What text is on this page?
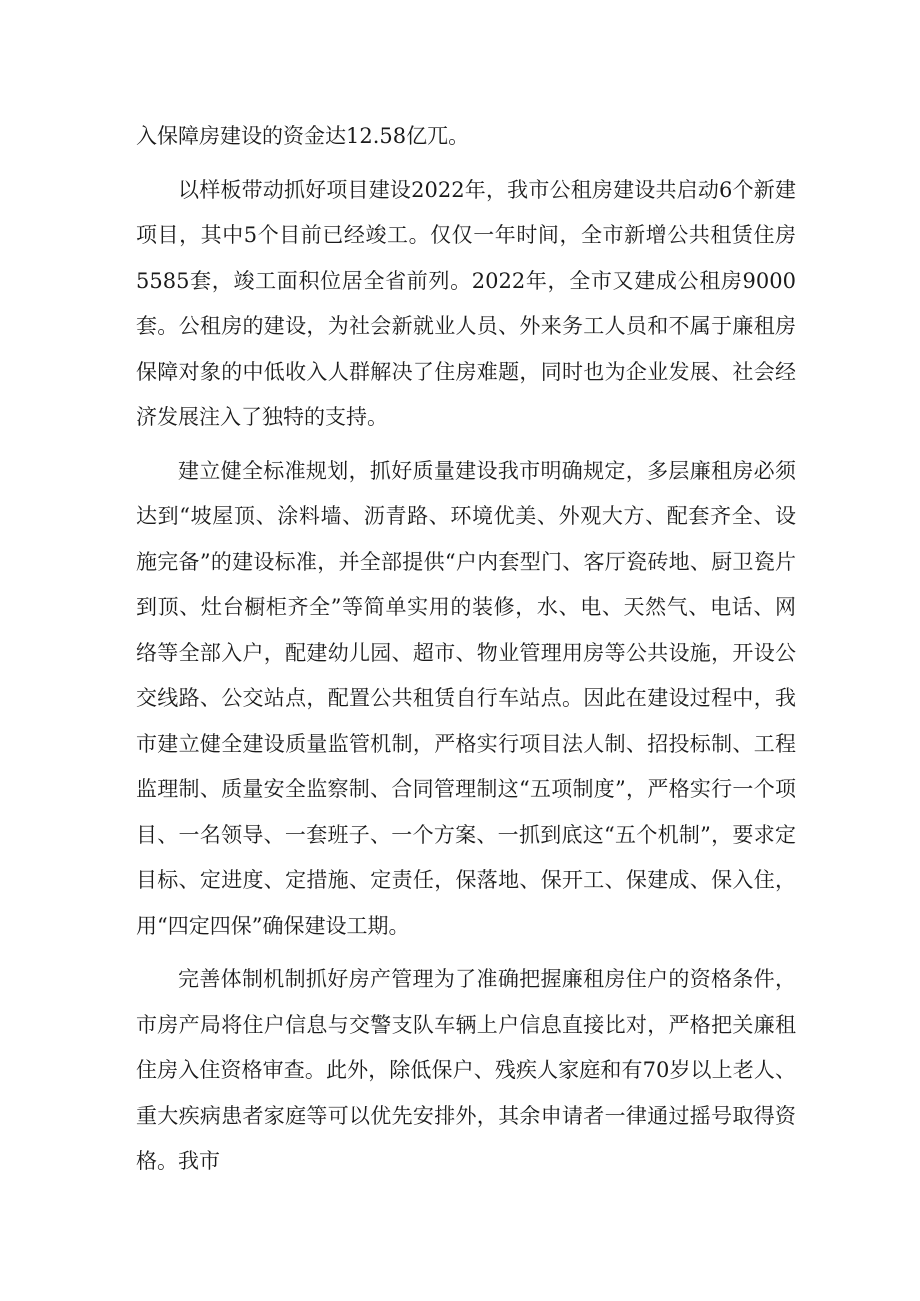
入保障房建设的资金达12.58亿兀。

以样板带动抓好项目建设2022年，我市公租房建设共启动6个新建项目，其中5个目前已经竣工。仅仅一年时间，全市新增公共租赁住房5585套，竣工面积位居全省前列。2022年，全市又建成公租房9000套。公租房的建设，为社会新就业人员、外来务工人员和不属于廉租房保障对象的中低收入人群解决了住房难题，同时也为企业发展、社会经济发展注入了独特的支持。

建立健全标准规划，抓好质量建设我市明确规定，多层廉租房必须达到“坡屋顶、涂料墙、沥青路、环境优美、外观大方、配套齐全、设施完备”的建设标准，并全部提供“户内套型门、客厅瓷砖地、厨卫瓷片到顶、灶台橱柜齐全”等简单实用的装修，水、电、天然气、电话、网络等全部入户，配建幼儿园、超市、物业管理用房等公共设施，开设公交线路、公交站点，配置公共租赁自行车站点。因此在建设过程中，我市建立健全建设质量监管机制，严格实行项目法人制、招投标制、工程监理制、质量安全监察制、合同管理制这“五项制度”，严格实行一个项目、一名领导、一套班子、一个方案、一抓到底这“五个机制”，要求定目标、定进度、定措施、定责任，保落地、保开工、保建成、保入住，用“四定四保”确保建设工期。

完善体制机制抓好房产管理为了准确把握廉租房住户的资格条件，市房产局将住户信息与交警支队车辆上户信息直接比对，严格把关廉租住房入住资格审查。此外，除低保户、残疾人家庭和有70岁以上老人、重大疾病患者家庭等可以优先安排外，其余申请者一律通过摇号取得资格。我市
